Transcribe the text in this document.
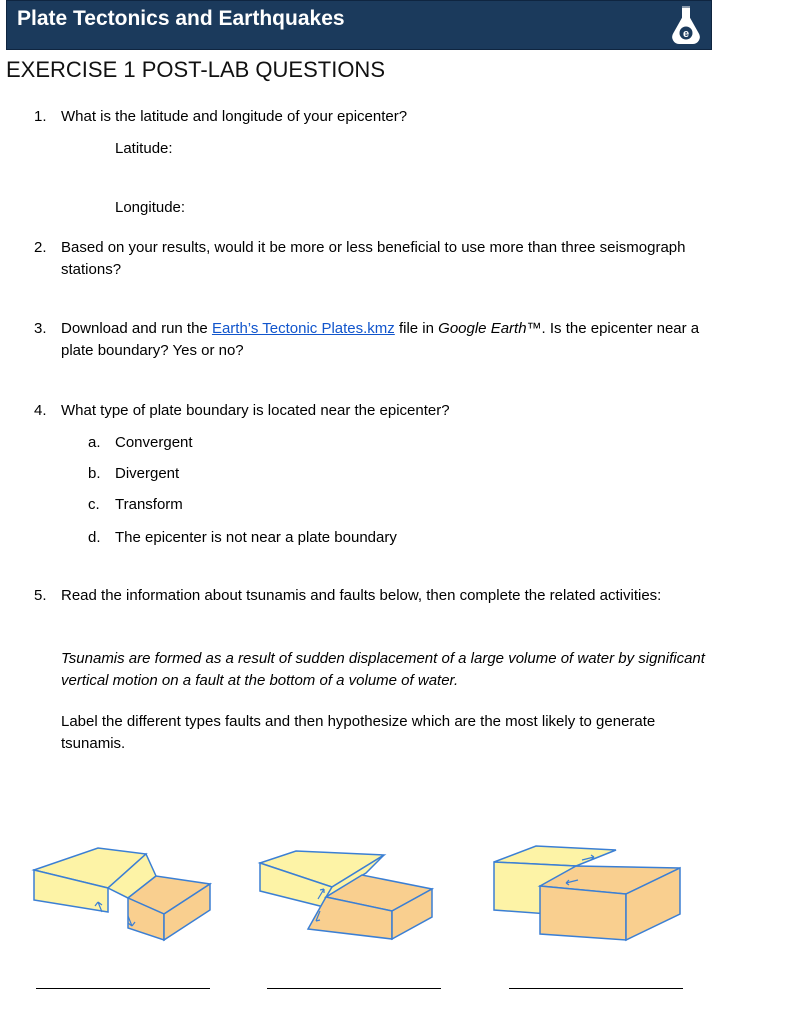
Plate Tectonics and Earthquakes
e
EXERCISE 1 POST-LAB QUESTIONS
1. What is the latitude and longitude of your epicenter?
Latitude:
Longitude:
2. Based on your results, would it be more or less beneficial to use more than three seismograph stations?
3. Download and run the Earth’s Tectonic Plates.kmz file in Google Earth™. Is the epicenter near a plate boundary? Yes or no?
4. What type of plate boundary is located near the epicenter?
a. Convergent
b. Divergent
c. Transform
d. The epicenter is not near a plate boundary
5. Read the information about tsunamis and faults below, then complete the related activities:
Tsunamis are formed as a result of sudden displacement of a large volume of water by significant vertical motion on a fault at the bottom of a volume of water.
Label the different types faults and then hypothesize which are the most likely to generate tsunamis.
